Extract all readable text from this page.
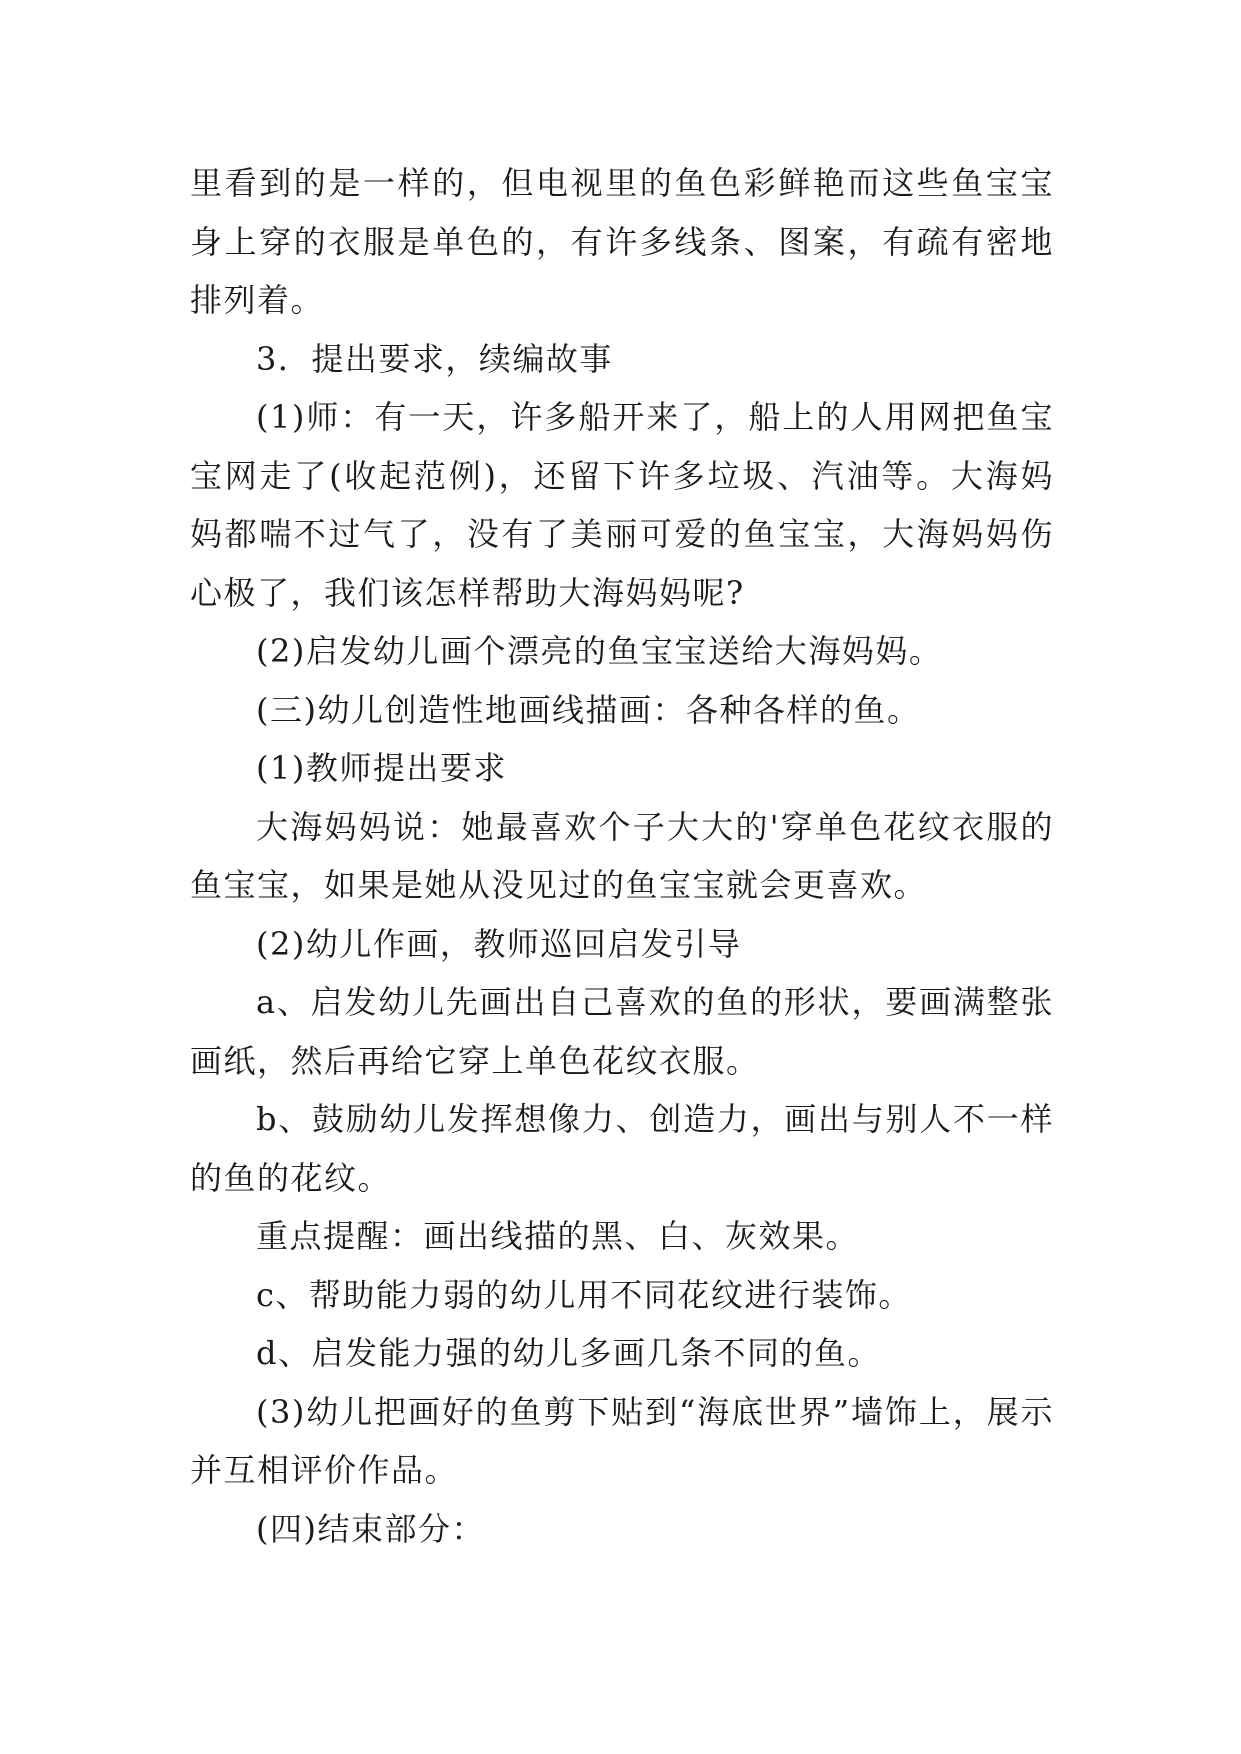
里看到的是一样的，但电视里的鱼色彩鲜艳而这些鱼宝宝身上穿的衣服是单色的，有许多线条、图案，有疏有密地排列着。

3．提出要求，续编故事

(1)师：有一天，许多船开来了，船上的人用网把鱼宝宝网走了(收起范例)，还留下许多垃圾、汽油等。大海妈妈都喘不过气了，没有了美丽可爱的鱼宝宝，大海妈妈伤心极了，我们该怎样帮助大海妈妈呢?

(2)启发幼儿画个漂亮的鱼宝宝送给大海妈妈。

(三)幼儿创造性地画线描画：各种各样的鱼。

(1)教师提出要求

大海妈妈说：她最喜欢个子大大的'穿单色花纹衣服的鱼宝宝，如果是她从没见过的鱼宝宝就会更喜欢。

(2)幼儿作画，教师巡回启发引导

a、启发幼儿先画出自己喜欢的鱼的形状，要画满整张画纸，然后再给它穿上单色花纹衣服。

b、鼓励幼儿发挥想像力、创造力，画出与别人不一样的鱼的花纹。

重点提醒：画出线描的黑、白、灰效果。

c、帮助能力弱的幼儿用不同花纹进行装饰。

d、启发能力强的幼儿多画几条不同的鱼。

(3)幼儿把画好的鱼剪下贴到“海底世界”墙饰上，展示并互相评价作品。

(四)结束部分：
